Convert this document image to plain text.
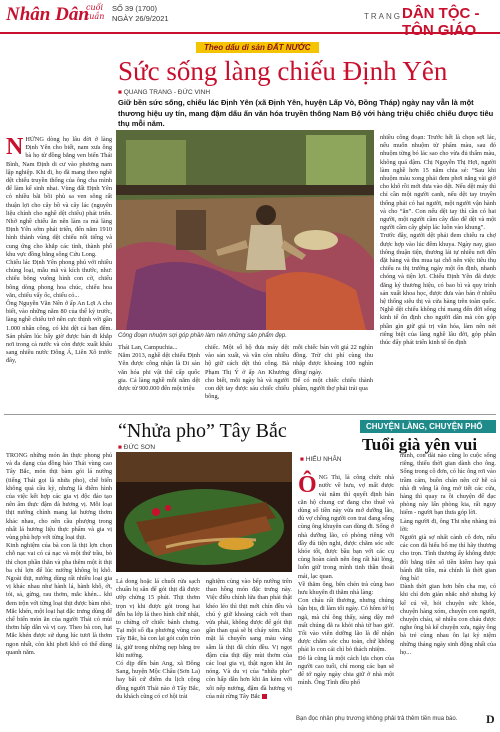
Nhân Dân
cuối
tuần
SỐ 39 (1700)
NGÀY 26/9/2021	TRANG DÂN TỘC - TÔN GIÁO
Theo dấu di sản ĐẤT NƯỚC
Sức sống làng chiếu Định Yên
■ QUANG TRANG - ĐỨC VINH
Giữ bền sức sống, chiếu lác Định Yên (xã Định Yên, huyện Lấp Vò, Đồng Tháp) ngày nay vẫn là một thương hiệu uy tín, mang đậm dấu ấn văn hóa truyền thống Nam Bộ với hàng triệu chiếc chiếu được tiêu thụ mỗi năm.
NHỮNG dòng họ lâu đời ở làng Định Yên cho biết, nam xưa ông bà họ từ đồng bằng ven biển Thái Bình, Nam Định di cư vào phương nam lập nghiệp. Khi đi, họ đã mang theo nghề dệt chiếu truyền thống của ông cha mình để làm kế sinh nhai. Vùng đất Định Yên có nhiều bãi bồi phù sa ven sông rất thuận lợi cho cây bồ và cây lác (nguyên liệu chính cho nghề dệt chiếu) phát triển. Nhờ nghề chiếu ăn nên làm ra mà làng Định Yên sớm phát triển, đến năm 1910 hình thành vùng dệt chiếu nổi tiếng và cung ứng cho khắp các tỉnh, thành phố khu vực đồng bằng sông Cửu Long.
Chiếu lác Định Yên phong phú với nhiều chủng loại, mẫu mã và kích thước, như: chiếu bông vuông hình con cờ, chiếu bông dòng phong hoa chúc, chiếu hoa văn, chiếu vấy ốc, chiếu cỏ...
Ông Nguyễn Văn Nên ở ấp An Lợi A cho biết, vào những năm 80 của thế kỷ trước, làng nghề chiếu trở nên cực thịnh với gần 1.000 nhân công, có khi dệt cả ban đêm. Sản phẩm lúc bấy giờ được bán đi khắp nơi trong cả nước và còn được xuất khẩu sang nhiều nước Đông Á, Liên Xô trước đây,
Công đoạn nhuộm sợi góp phần làm nên những sản phẩm đẹp.
Thái Lan, Campuchia...
Năm 2013, nghề dệt chiếu Định Yên được công nhận là Di sản văn hóa phi vật thể cấp quốc gia. Cả làng nghề mỗi năm dệt được từ 900.000 đến một triệu
chiếc. Một số hộ đưa máy dệt vào sản xuất, và vẫn còn nhiều hộ giữ cách dệt thủ công. Bà Phạm Thị Ý ở ấp An Khương cho biết, mỗi ngày bà và người con dệt tay được sáu chiếc chiếu bông,
mỗi chiếc bán với giá 22 nghìn đồng. Trừ chi phí cùng thu nhập được khoảng 100 nghìn đồng/ ngày.
Để có một chiếc chiếu thành phẩm, người thợ phải trải qua
nhiều công đoạn: Trước hết là chọn sợi lác, nếu muốn nhuộm từ phẩm màu, sau đó nhuộm từng bó lác sao cho vừa đủ thấm màu, không quá đậm. Chị Nguyễn Thị Hợi, người làm nghề hơn 15 năm chia sẻ: “Sau khi nhuộm màu xong phải đem phơi nắng vài giờ cho khô rồi mới đưa vào dệt. Nếu dệt máy thì chỉ cần một người canh, nếu dệt tay truyền thống phải có hai người, một người vận hành và cho “ăn”. Con nếu dệt tay thì cần có hai người, một người cầm cây đảo để dệt và một người cầm cây ghép lác luồn vào khung”.
Trước đây, người dệt phải đem chiếu ra chợ được hợp vào lúc đêm khuya. Ngày nay, giao thông thuận tiện, thương lái tự nhiều nơi đến đặt hàng và thu mua tại chỗ nên việc tiêu thụ chiếu ra thị trường ngày một ổn định, nhanh chóng và tiện lợi. Chiếu Định Yên đã được đăng ký thương hiệu, có bao bì và quy trình sản xuất khoa học, được đưa vào bán ở nhiều hệ thống siêu thị và cửa hàng trên toàn quốc. Nghề dệt chiếu không chỉ mang đến đời sống kinh tế ổn định cho người dân mà còn góp phần gìn giữ giá trị văn hóa, làm nên nét riêng biệt của làng nghề lâu đời, góp phần thúc đẩy phát triển kinh tế ổn định
“Nhửa pho” Tây Bắc
■ ĐỨC SƠN
TRONG những món ăn thực phong phú và đa dạng của đồng bào Thái vùng cao Tây Bắc, món thịt bàm gói lá nướng (tiếng Thái gọi là nhửa pho), chế biến không quá cầu kỳ, nhưng là điểm hình của việc kết hợp các gia vị độc đáo tạo nên ẩm thực đậm đà hương vị. Mỗi loại thịt nướng chính mang lại hương thơm khác nhau, cho nên cầu phượng trong nhất lá hương liệu thực phẩm và gia vị vùng phù hợp với từng loại thịt.
Kinh nghiệm của bà con là thịt lợn chọn chỗ nạc vai có cả nạc và một thứ trầu, bò thì chọn phần thăn và pha thêm một ít thịt ba chỉ lợn để lúc nướng không bị khô. Ngoài thịt, nướng dùng rất nhiều loại gia vị khác nhau như hành lá, hành khô, ớt, tỏi, sả, gừng, rau thơm, mắc khén... khi đem trộn với từng loại thịt được bàm nhỏ. Mắc khén, một loại hạt đặc trưng dùng để chế biến món ăn của người Thái có mùi thơm hấp dẫn và vị cay. Theo bà con, hạt Mắc khén được sử dụng lúc tươi là thơm ngon nhất, còn khi phơi khô có thể dùng quanh năm.
Lá dong hoặc lá chuối rửa sạch chuẩn bị sẵn để gói thịt đã được ướp chừng 15 phút. Thịt thơm trọn vị khi được gói trong hai đến ba lớp lá theo hình chữ nhật, to chừng cỡ chiếc bánh chưng. Tại một số địa phương vùng cao Tây Bắc, bà con lại gói cuộn tròn lá, giữ trong những nẹp bằng tre khi nướng.
Có dịp đến bản Ang, xã Đông Sang, huyện Mộc Châu (Sơn La) hay bất cứ điểm du lịch cộng đồng người Thái nào ở Tây Bắc, du khách cũng có cơ hội trải
nghiệm cùng vào bếp nướng trên than hồng món đặc trưng này. Việc điều chỉnh lửa than phải thật khéo léo thì thịt mới chín đều và chú ý giữ khoảng cách với than vừa phải, không được để gói thịt gần than quá sẽ bị cháy xém. Khi mặt lá chuyển sang màu vàng sẫm là thịt đã chín đều. Vị ngọt đậm của thịt dậy mùi thơm của các loại gia vị, thật ngon khi ăn nóng. Và du vị của “nhửa pho” còn hấp dẫn hơn khi ăn kèm với xôi nếp nương, đậm đà hương vị của núi rừng Tây Bắc
CHUYỆN LÀNG, CHUYỆN PHỐ
Tuổi già yên vui
■ HIẾU NHÂN

ÔNG Thi, là công chức nhà nước về hưu, vợ mất được vài năm thì quyết định bán căn hộ chung cư đang cho thuê và dùng số tiền này vừa mở dưỡng lão, đủ vợ chồng người con trai đang sống cùng ông khuyên can dùng đi. Sống ở nhà dưỡng lão, có phòng riêng với đầy đủ tiện nghi, được chăm sóc sức khỏe tốt, được bầu bạn với các cụ cùng hoàn cảnh nên ông rất hài lòng, luôn giữ trong mình tinh thần thoải mái, lạc quan.
Về thăm ông, bên chén trà cùng bao hưu khuyên đi thăm nhà làng:
Con cháu rất thương, nhưng chúng bận bịu, đi làm tối ngày. Có hôm tớ bị ngã, mà chỉ ông thấy, sáng dậy mở mất chúng đã ra khỏi nhà từ bao giờ. Tối vào viên dưỡng lão là để nhận được chăm sóc chu toàn, chứ không phải lo con cái chỉ bỏ thách nhiệm.
Đó là cũng là một cách lựa chọn của người cao tuổi, chỉ mong các bạn sẽ để tớ ngày ngày chia giữ ở nhà một mình. Ông Tình đều phố

mình, con dài nào cũng lo cuộc sống riêng, thiếu thời gian dành cho ông. Sống trong cô đơn, có lúc ông rơi vào trầm cảm, buồn chán nên cứ hễ cả nhà đi vắng là ông mở tiết các cửa, hàng thì quay ra ồi chuyện để đạc phòng này lấn phòng kia, rất nguy hiểm - người bạn thưa góp lời.
Làng người đi, ông Thi nhẹ nhàng trả lời:
Người già sợ nhất cảnh cô đơn, nếu các con đã hiểu bổ mẹ thì hãy thương cho trọn. Tình thương ấy không được đổi bằng tiền số tiền kiếm hay quà bánh đắt tiền, mà chính là thời gian ông bà!
Dành thời gian hơn bên cha mẹ, có khi chỉ đơn giản nhắc nhở nhưng kỷ kể cú về, hỏi chuyện sức khỏe, chuyện hàng xóm, chuyện con người, chuyện cháu, sẽ nhiều con cháu được nghe ông bà kể chuyện xưa, ngày ông bà trẻ cùng nhau ôn lại kỷ niệm những tháng ngày sinh động nhất của họ...
Bạn đọc nhân phụ trương không phải trả thêm tiền mua báo. D
